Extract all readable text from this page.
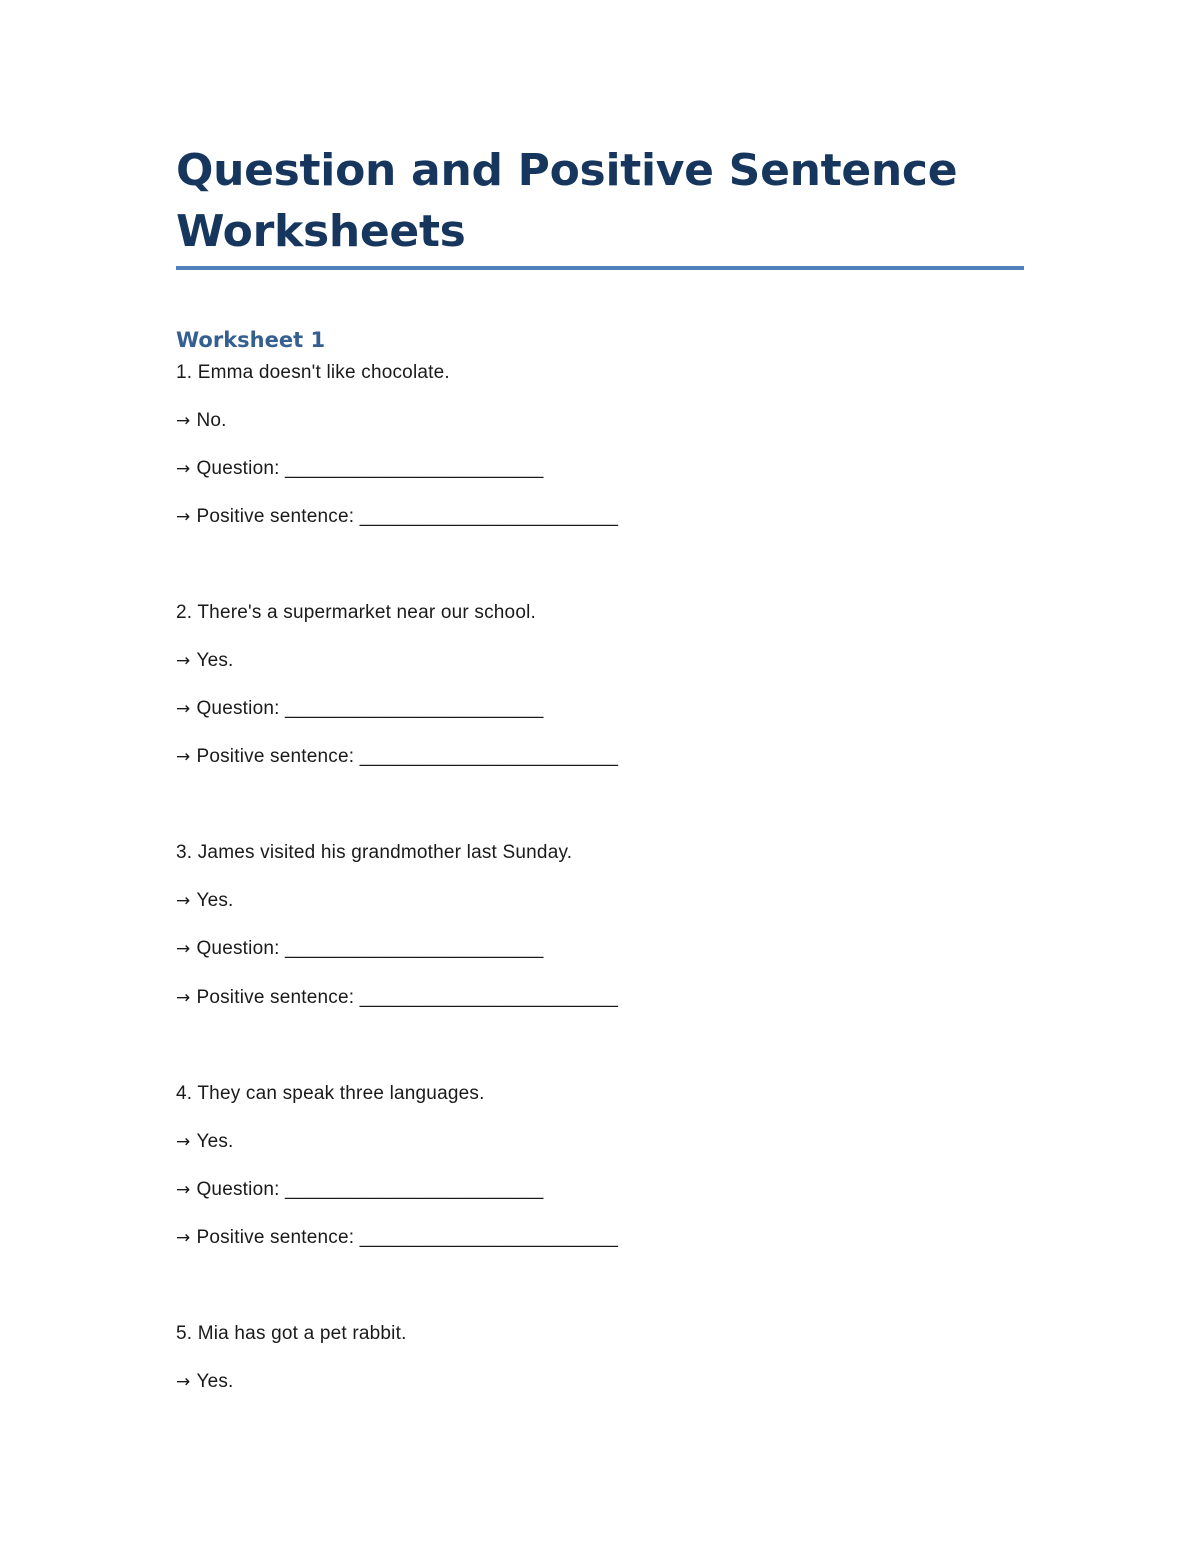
Question and Positive Sentence
Worksheets
Worksheet 1
1. Emma doesn't like chocolate.
→ No.
→ Question: ________________________
→ Positive sentence: ________________________
2. There's a supermarket near our school.
→ Yes.
→ Question: ________________________
→ Positive sentence: ________________________
3. James visited his grandmother last Sunday.
→ Yes.
→ Question: ________________________
→ Positive sentence: ________________________
4. They can speak three languages.
→ Yes.
→ Question: ________________________
→ Positive sentence: ________________________
5. Mia has got a pet rabbit.
→ Yes.
